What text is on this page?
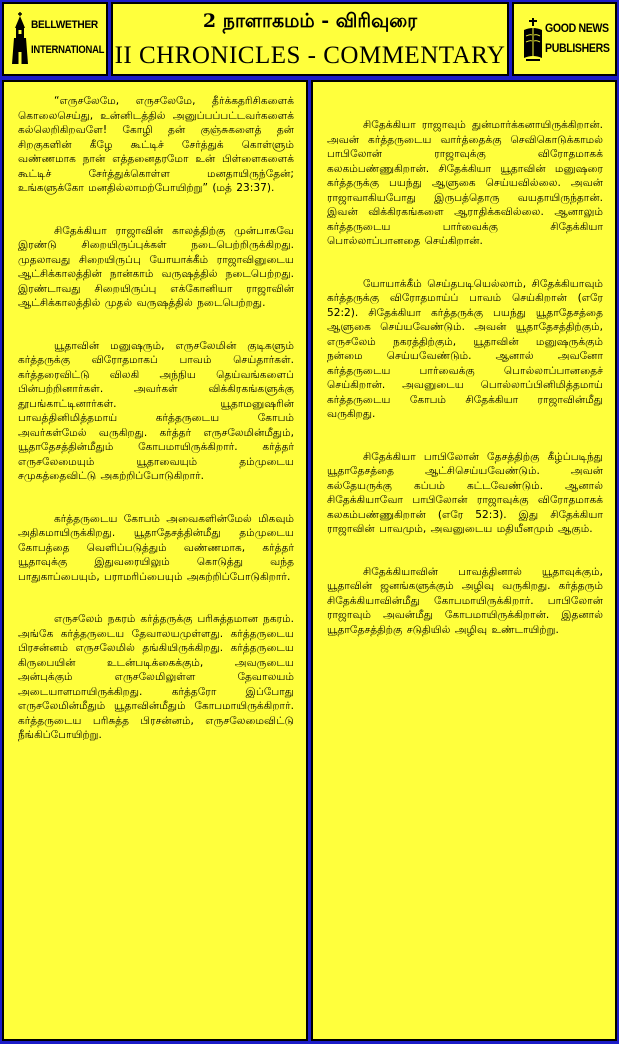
BELLWETHER
INTERNATIONAL
2 நாளாகமம் - விரிவுரை
II CHRONICLES - COMMENTARY
GOOD NEWS
PUBLISHERS

“எருசலேமே, எருசலேமே, தீர்க்கதரிசிகளைக் கொலைசெய்து, உன்னிடத்தில் அனுப்பப்பட்டவர்களைக் கல்லெறிகிறவளே! கோழி தன் குஞ்சுகளைத் தன் சிறகுகளின் கீழே கூட்டிச் சேர்த்துக் கொள்ளும் வண்ணமாக நான் எத்தனைதரமோ உன் பிள்ளைகளைக் கூட்டிச் சேர்த்துக்கொள்ள மனதாயிருந்தேன்; உங்களுக்கோ மனதில்லாமற்போயிற்று” (மத் 23:37).

சிதேக்கியா ராஜாவின் காலத்திற்கு முன்பாகவே இரண்டு சிறையிருப்புக்கள் நடைபெற்றிருக்கிறது. முதலாவது சிறையிருப்பு யோயாக்கீம் ராஜாவினுடைய ஆட்சிக்காலத்தின் நான்காம் வருஷத்தில் நடைபெற்றது. இரண்டாவது சிறையிருப்பு எக்கோனியா ராஜாவின் ஆட்சிக்காலத்தில் முதல் வருஷத்தில் நடைபெற்றது.

யூதாவின் மனுஷரும், எருசலேமின் குடிகளும் கர்த்தருக்கு விரோதமாகப் பாவம் செய்தார்கள். கர்த்தரைவிட்டு விலகி அந்நிய தெய்வங்களைப் பின்பற்றினார்கள். அவர்கள் விக்கிரகங்களுக்கு தூபங்காட்டினார்கள். யூதாமனுஷரின் பாவத்தினிமித்தமாய் கர்த்தருடைய கோபம் அவர்கள்மேல் வருகிறது. கர்த்தர் எருசலேமின்மீதும், யூதாதேசத்தின்மீதும் கோபமாயிருக்கிறார். கர்த்தர் எருசலேமையும் யூதாவையும் தம்முடைய சமுகத்தைவிட்டு அகற்றிப்போடுகிறார்.

கர்த்தருடைய கோபம் அவைகளின்மேல் மிகவும் அதிகமாயிருக்கிறது. யூதாதேசத்தின்மீது தம்முடைய கோபத்தை வெளிப்படுத்தும் வண்ணமாக, கர்த்தர் யூதாவுக்கு இதுவரையிலும் கொடுத்து வந்த பாதுகாப்பையும், பராமரிப்பையும் அகற்றிப்போடுகிறார்.

எருசலேம் நகரம் கர்த்தருக்கு பரிசுத்தமான நகரம். அங்கே கர்த்தருடைய தேவாலயமுள்ளது. கர்த்தருடைய பிரசன்னம் எருசலேமில் தங்கியிருக்கிறது. கர்த்தருடைய கிருபையின் உடன்படிக்கைக்கும், அவருடைய அன்புக்கும் எருசலேமிலுள்ள தேவாலயம் அடையாளமாயிருக்கிறது. கர்த்தரோ இப்போது எருசலேமின்மீதும் யூதாவின்மீதும் கோபமாயிருக்கிறார். கர்த்தருடைய பரிசுத்த பிரசன்னம், எருசலேமைவிட்டு நீங்கிப்போயிற்று.

சிதேக்கியா ராஜாவும் துன்மார்க்கனாயிருக்கிறான். அவன் கர்த்தருடைய வார்த்தைக்கு செவிகொடுக்காமல் பாபிலோன் ராஜாவுக்கு விரோதமாகக் கலகம்பண்ணுகிறான். சிதேக்கியா யூதாவின் மனுஷரை கர்த்தருக்கு பயந்து ஆளுகை செய்யவில்லை. அவன் ராஜாவாகியபோது இருபத்தொரு வயதாயிருந்தான். இவன் விக்கிரகங்களை ஆராதிக்கவில்லை. ஆனாலும் கர்த்தருடைய பார்வைக்கு சிதேக்கியா பொல்லாப்பானதை செய்கிறான்.

யோயாக்கீம் செய்தபடியெல்லாம், சிதேக்கியாவும் கர்த்தருக்கு விரோதமாய்ப் பாவம் செய்கிறான் (எரே 52:2). சிதேக்கியா கர்த்தருக்கு பயந்து யூதாதேசத்தை ஆளுகை செய்யவேண்டும். அவன் யூதாதேசத்திற்கும், எருசலேம் நகரத்திற்கும், யூதாவின் மனுஷருக்கும் நன்மை செய்யவேண்டும். ஆனால் அவனோ கர்த்தருடைய பார்வைக்கு பொல்லாப்பானதைச் செய்கிறான். அவனுடைய பொல்லாப்பினிமித்தமாய் கர்த்தருடைய கோபம் சிதேக்கியா ராஜாவின்மீது வருகிறது.

சிதேக்கியா பாபிலோன் தேசத்திற்கு கீழ்ப்படிந்து யூதாதேசத்தை ஆட்சிசெய்யவேண்டும். அவன் கல்தேயருக்கு கப்பம் கட்டவேண்டும். ஆனால் சிதேக்கியாவோ பாபிலோன் ராஜாவுக்கு விரோதமாகக் கலகம்பண்ணுகிறான் (எரே 52:3). இது சிதேக்கியா ராஜாவின் பாவமும், அவனுடைய மதியீனமும் ஆகும்.

சிதேக்கியாவின் பாவத்தினால் யூதாவுக்கும், யூதாவின் ஜனங்களுக்கும் அழிவு வருகிறது. கர்த்தரும் சிதேக்கியாவின்மீது கோபமாயிருக்கிறார். பாபிலோன் ராஜாவும் அவன்மீது கோபமாயிருக்கிறான். இதனால் யூதாதேசத்திற்கு சடுதியில் அழிவு உண்டாயிற்று.
